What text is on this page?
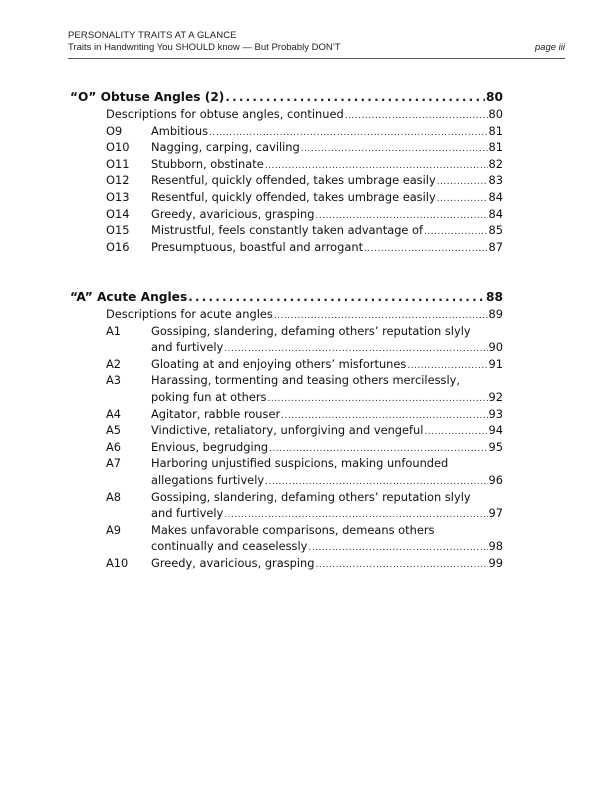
PERSONALITY TRAITS AT A GLANCE
Traits in Handwriting You SHOULD know — But Probably DON’T	page iii
“O” Obtuse Angles (2) .....	80
Descriptions for obtuse angles, continued .....	80
O9	Ambitious .....	81
O10	Nagging, carping, caviling .....	81
O11	Stubborn, obstinate .....	82
O12	Resentful, quickly offended, takes umbrage easily .....	83
O13	Resentful, quickly offended, takes umbrage easily .....	84
O14	Greedy, avaricious, grasping .....	84
O15	Mistrustful, feels constantly taken advantage of .....	85
O16	Presumptuous, boastful and arrogant .....	87
“A” Acute Angles .....	88
Descriptions for acute angles .....	89
A1	Gossiping, slandering, defaming others’ reputation slyly
and furtively .....	90
A2	Gloating at and enjoying others’ misfortunes .....	91
A3	Harassing, tormenting and teasing others mercilessly,
poking fun at others .....	92
A4	Agitator, rabble rouser .....	93
A5	Vindictive, retaliatory, unforgiving and vengeful .....	94
A6	Envious, begrudging .....	95
A7	Harboring unjustified suspicions, making unfounded
allegations furtively .....	96
A8	Gossiping, slandering, defaming others’ reputation slyly
and furtively .....	97
A9	Makes unfavorable comparisons, demeans others
continually and ceaselessly .....	98
A10	Greedy, avaricious, grasping .....	99
